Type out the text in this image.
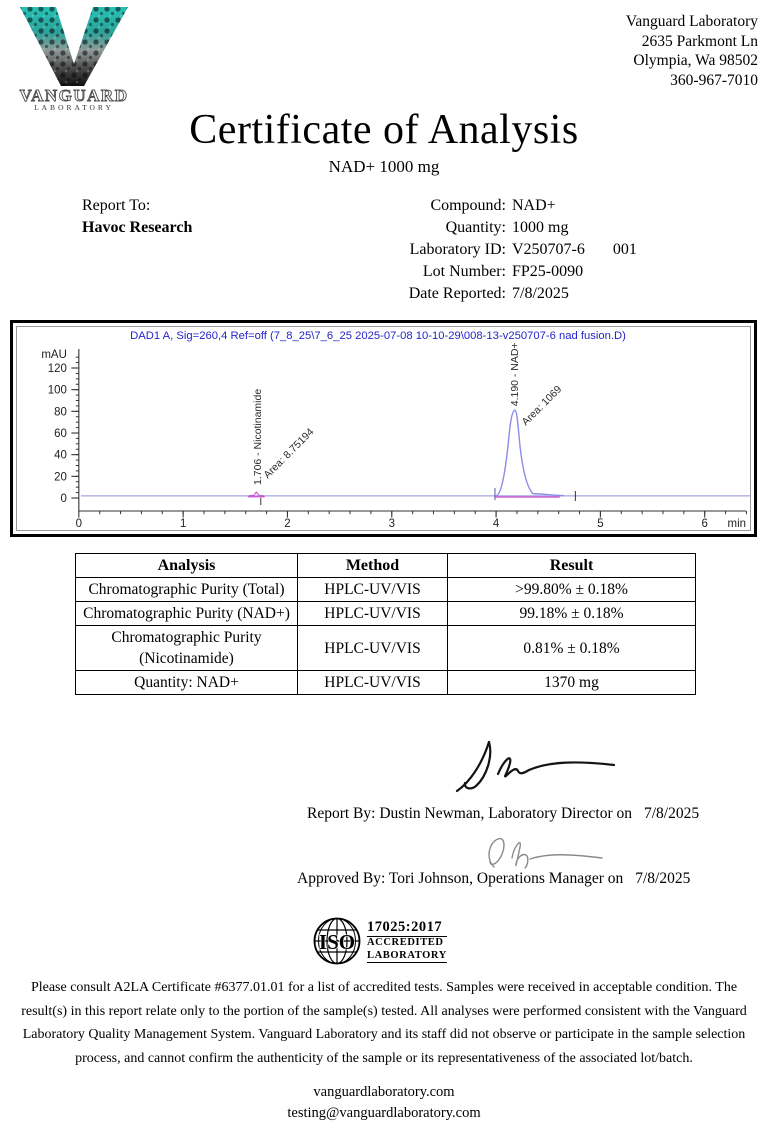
VANGUARD
LABORATORY
Vanguard Laboratory
2635 Parkmont Ln
Olympia, Wa 98502
360-967-7010
Certificate of Analysis
NAD+ 1000 mg
Report To:
Havoc Research
Compound: NAD+
Quantity: 1000 mg
Laboratory ID: V250707-6 001
Lot Number: FP25-0090
Date Reported: 7/8/2025
DAD1 A, Sig=260,4 Ref=off (7_8_25\7_6_25 2025-07-08 10-10-29\008-13-v250707-6 nad fusion.D)
0	1	2	3	4	5	6 min
0
20
40
60
80
100
120
mAU
1.706 - Nicotinamide
Area: 8.75194
4.190 - NAD+ Area: 1069
Analysis	Method	Result
Chromatographic Purity (Total)	HPLC-UV/VIS	>99.80% ± 0.18%
Chromatographic Purity (NAD+)	HPLC-UV/VIS	99.18% ± 0.18%
Chromatographic Purity (Nicotinamide)	HPLC-UV/VIS	0.81% ± 0.18%
Quantity: NAD+	HPLC-UV/VIS	1370 mg
Report By: Dustin Newman, Laboratory Director on 7/8/2025
Approved By: Tori Johnson, Operations Manager on 7/8/2025
ISO
17025:2017
ACCREDITED
LABORATORY
Please consult A2LA Certificate #6377.01.01 for a list of accredited tests. Samples were received in acceptable condition. The result(s) in this report relate only to the portion of the sample(s) tested. All analyses were performed consistent with the Vanguard Laboratory Quality Management System. Vanguard Laboratory and its staff did not observe or participate in the sample selection process, and cannot confirm the authenticity of the sample or its representativeness of the associated lot/batch.
vanguardlaboratory.com
testing@vanguardlaboratory.com
